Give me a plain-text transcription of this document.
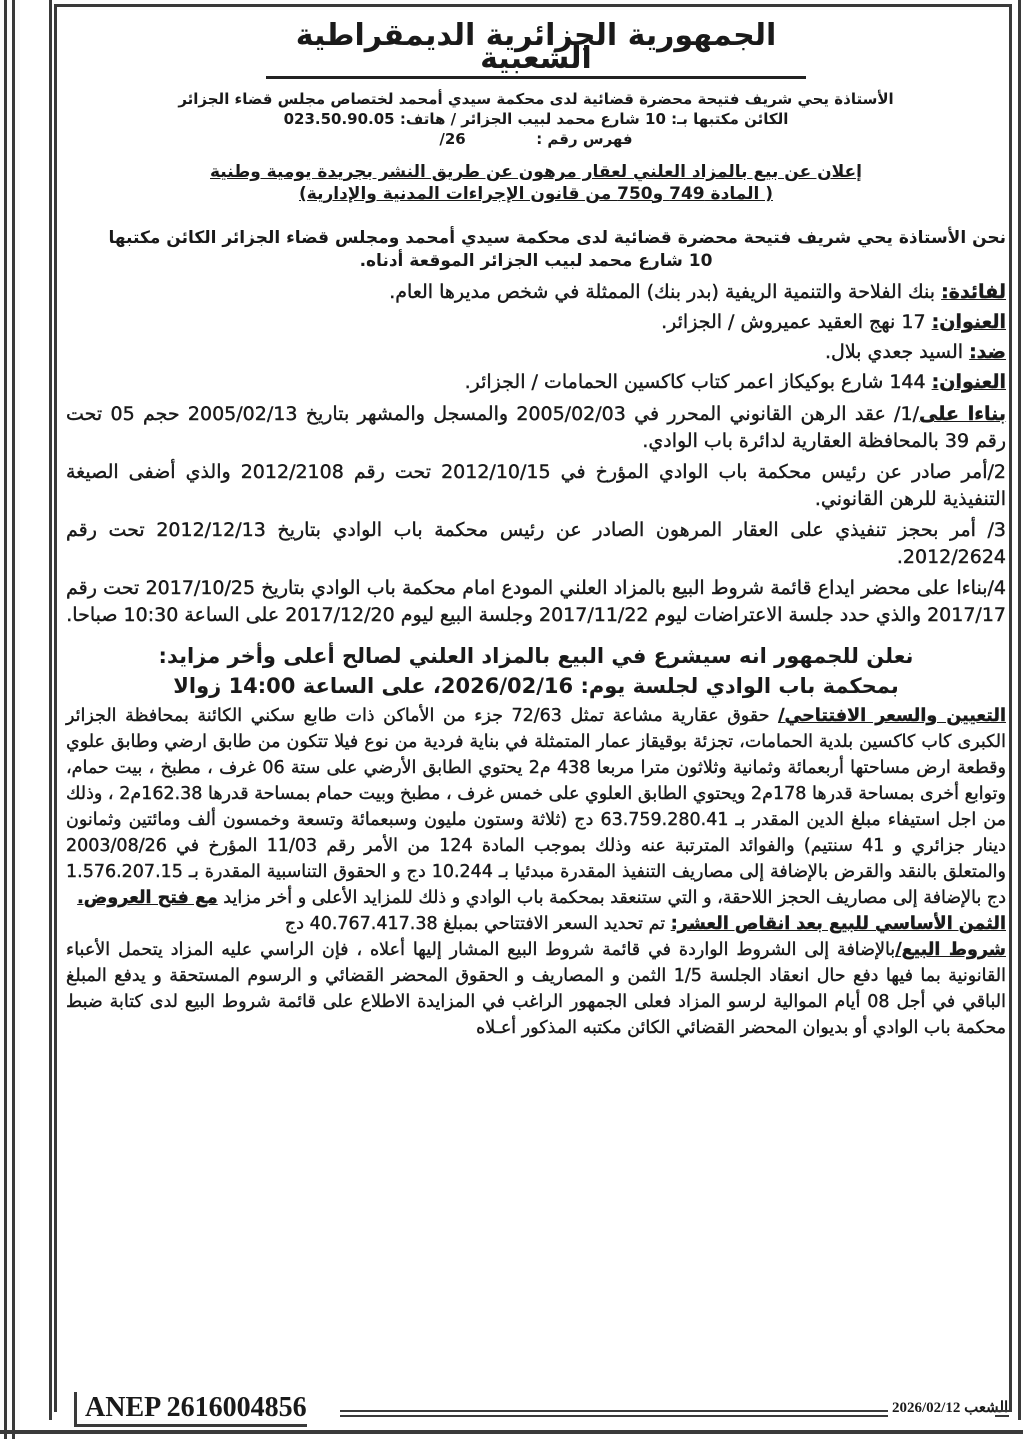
الجمهورية الجزائرية الديمقراطية الشعبية
الأستاذة يحي شريف فتيحة محضرة قضائية لدى محكمة سيدي أمحمد لختصاص مجلس قضاء الجزائر
الكائن مكتبها بـ: 10 شارع محمد لبيب الجزائر / هاتف: 023.50.90.05
فهرس رقم :  26/
إعلان عن بيع بالمزاد العلني لعقار مرهون عن طريق النشر بجريدة يومية وطنية
( المادة 749 و750 من قانون الإجراءات المدنية والإدارية)
نحن الأستاذة يحي شريف فتيحة محضرة قضائية لدى محكمة سيدي أمحمد ومجلس قضاء الجزائر الكائن مكتبها
10 شارع محمد لبيب الجزائر الموقعة أدناه.
لفائدة: بنك الفلاحة والتنمية الريفية (بدر بنك) الممثلة في شخص مديرها العام.
العنوان: 17 نهج العقيد عميروش / الجزائر.
ضد: السيد جعدي بلال.
العنوان: 144 شارع بوكيكاز اعمر كتاب كاكسين الحمامات / الجزائر.
بناءا على/1/ عقد الرهن القانوني المحرر في 2005/02/03 والمسجل والمشهر بتاريخ 2005/02/13 حجم 05 تحت رقم 39 بالمحافظة العقارية لدائرة باب الوادي.
2/أمر صادر عن رئيس محكمة باب الوادي المؤرخ في 2012/10/15 تحت رقم 2012/2108 والذي أضفى الصيغة التنفيذية للرهن القانوني.
3/ أمر بحجز تنفيذي على العقار المرهون الصادر عن رئيس محكمة باب الوادي بتاريخ 2012/12/13 تحت رقم 2012/2624.
4/بناءا على محضر ايداع قائمة شروط البيع بالمزاد العلني المودع امام محكمة باب الوادي بتاريخ 2017/10/25 تحت رقم 2017/17 والذي حدد جلسة الاعتراضات ليوم 2017/11/22 وجلسة البيع ليوم 2017/12/20 على الساعة 10:30 صباحا.
نعلن للجمهور انه سيشرع في البيع بالمزاد العلني لصالح أعلى وأخر مزايد:
بمحكمة باب الوادي لجلسة يوم: 2026/02/16، على الساعة 14:00 زوالا
التعيين والسعر الافتتاحي/ حقوق عقارية مشاعة تمثل 72/63 جزء من الأماكن ذات طابع سكني الكائنة بمحافظة الجزائر الكبرى كاب كاكسين بلدية الحمامات، تجزئة بوقيقاز عمار المتمثلة في بناية فردية من نوع فيلا تتكون من طابق ارضي وطابق علوي وقطعة ارض مساحتها أربعمائة وثمانية وثلاثون مترا مربعا 438 م2 يحتوي الطابق الأرضي على ستة 06 غرف ، مطبخ ، بيت حمام، وتوابع أخرى بمساحة قدرها 178م2 ويحتوي الطابق العلوي على خمس غرف ، مطبخ وبيت حمام بمساحة قدرها 162.38م2 ، وذلك من اجل استيفاء مبلغ الدين المقدر بـ 63.759.280.41 دج (ثلاثة وستون مليون وسبعمائة وتسعة وخمسون ألف ومائتين وثمانون دينار جزائري و 41 سنتيم) والفوائد المترتبة عنه وذلك بموجب المادة 124 من الأمر رقم 11/03 المؤرخ في 2003/08/26 والمتعلق بالنقد والقرض بالإضافة إلى مصاريف التنفيذ المقدرة مبدئيا بـ 10.244 دج و الحقوق التناسبية المقدرة بـ 1.576.207.15 دج بالإضافة إلى مصاريف الحجز اللاحقة، و التي ستنعقد بمحكمة باب الوادي و ذلك للمزايد الأعلى و أخر مزايد مع فتح العروض.
الثمن الأساسي للبيع بعد انقاص العشر: تم تحديد السعر الافتتاحي بمبلغ 40.767.417.38 دج
شروط البيع/بالإضافة إلى الشروط الواردة في قائمة شروط البيع المشار إليها أعلاه ، فإن الراسي عليه المزاد يتحمل الأعباء القانونية بما فيها دفع حال انعقاد الجلسة 1/5 الثمن و المصاريف و الحقوق المحضر القضائي و الرسوم المستحقة و يدفع المبلغ الباقي في أجل 08 أيام الموالية لرسو المزاد فعلى الجمهور الراغب في المزايدة الاطلاع على قائمة شروط البيع لدى كتابة ضبط محكمة باب الوادي أو بديوان المحضر القضائي الكائن مكتبه المذكور أعـلاه
ANEP 2616004856	الشعب 2026/02/12
